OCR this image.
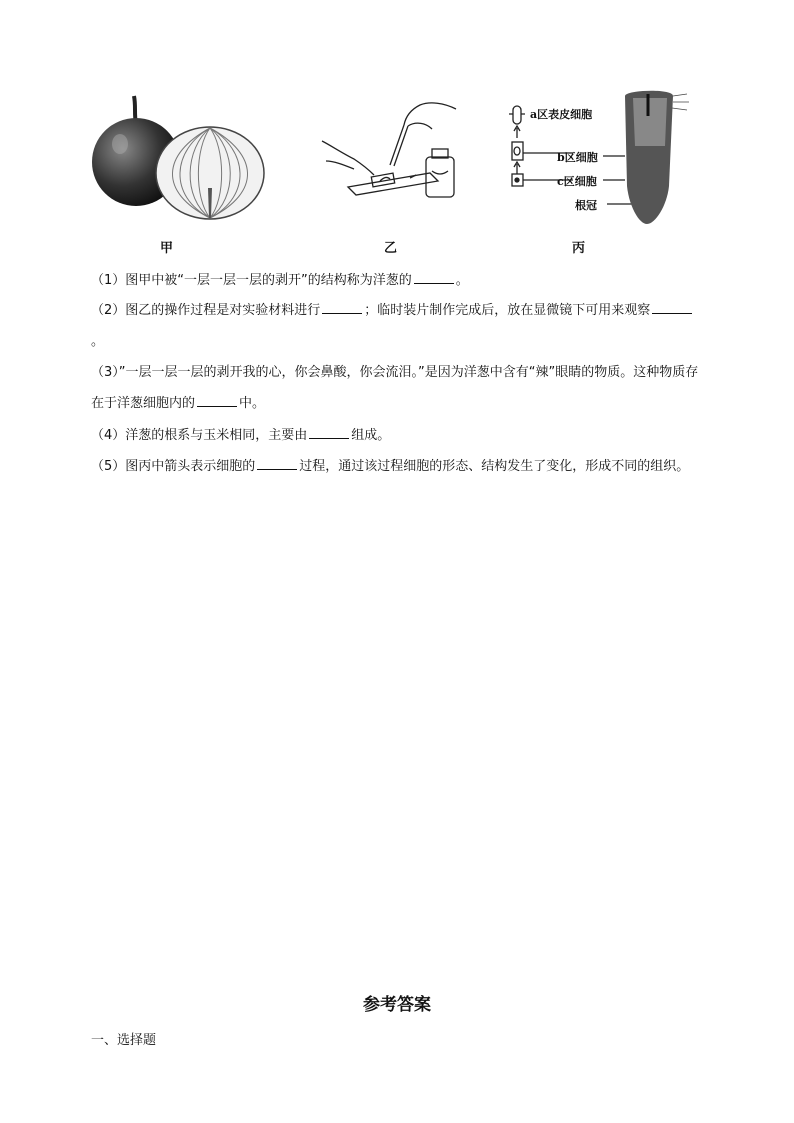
a区表皮细胞
b区细胞
c区细胞
根冠
甲	乙	丙
（1）图甲中被“一层一层一层的剥开”的结构称为洋葱的	。
（2）图乙的操作过程是对实验材料进行	；临时装片制作完成后，放在显微镜下可用来观察。
（3）”一层一层一层的剥开我的心，你会鼻酸，你会流泪。”是因为洋葱中含有“辣”眼睛的物质。这种物质存在于洋葱细胞内的	中。
（4）洋葱的根系与玉米相同，主要由	组成。
（5）图丙中箭头表示细胞的	过程，通过该过程细胞的形态、结构发生了变化，形成不同的组织。
参考答案
一、选择题
